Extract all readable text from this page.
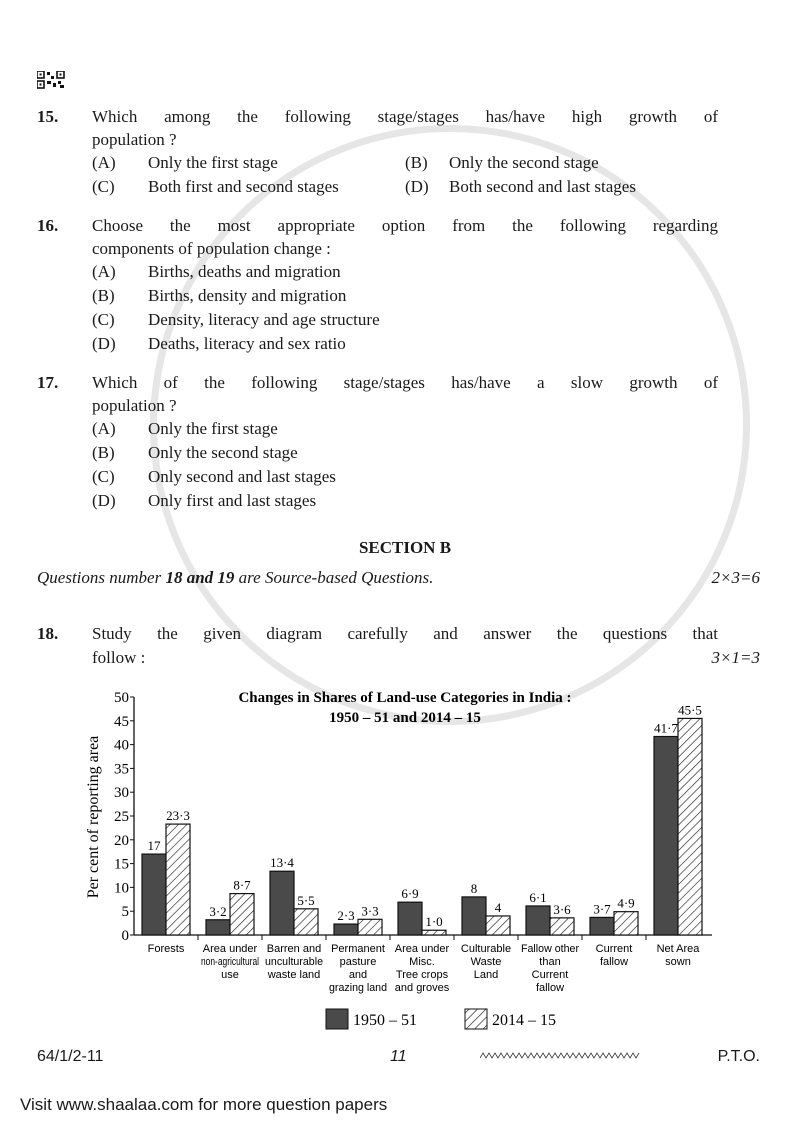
15. Which among the following stage/stages has/have high growth of
population ?
(A) Only the first stage	(B) Only the second stage
(C) Both first and second stages	(D) Both second and last stages
16. Choose the most appropriate option from the following regarding
components of population change :
(A) Births, deaths and migration
(B) Births, density and migration
(C) Density, literacy and age structure
(D) Deaths, literacy and sex ratio
17. Which of the following stage/stages has/have a slow growth of
population ?
(A) Only the first stage
(B) Only the second stage
(C) Only second and last stages
(D) Only first and last stages
SECTION B
Questions number 18 and 19 are Source-based Questions.	2×3=6
18. Study the given diagram carefully and answer the questions that
follow :	3×1=3
0
5
10
15
20
25
30
35
40
45
50
Per cent of reporting area
Changes in Shares of Land-use Categories in India :
1950 – 51 and 2014 – 15
17
23·3
Forests
3·2
8·7
Area under
non-agricultural
use
13·4
5·5
Barren and
unculturable
waste land
2·3 3·3
Permanent
pasture
and
grazing land
6·9
1·0
Area under
Misc.
Tree crops
and groves
8
4
Culturable
Waste
Land
6·1
3·6
Fallow other
than
Current
fallow
3·7 4·9
Current
fallow
41·7
45·5
Net Area
sown
1950 – 51	2014 – 15
64/1/2-11	11	P.T.O.
Visit www.shaalaa.com for more question papers
